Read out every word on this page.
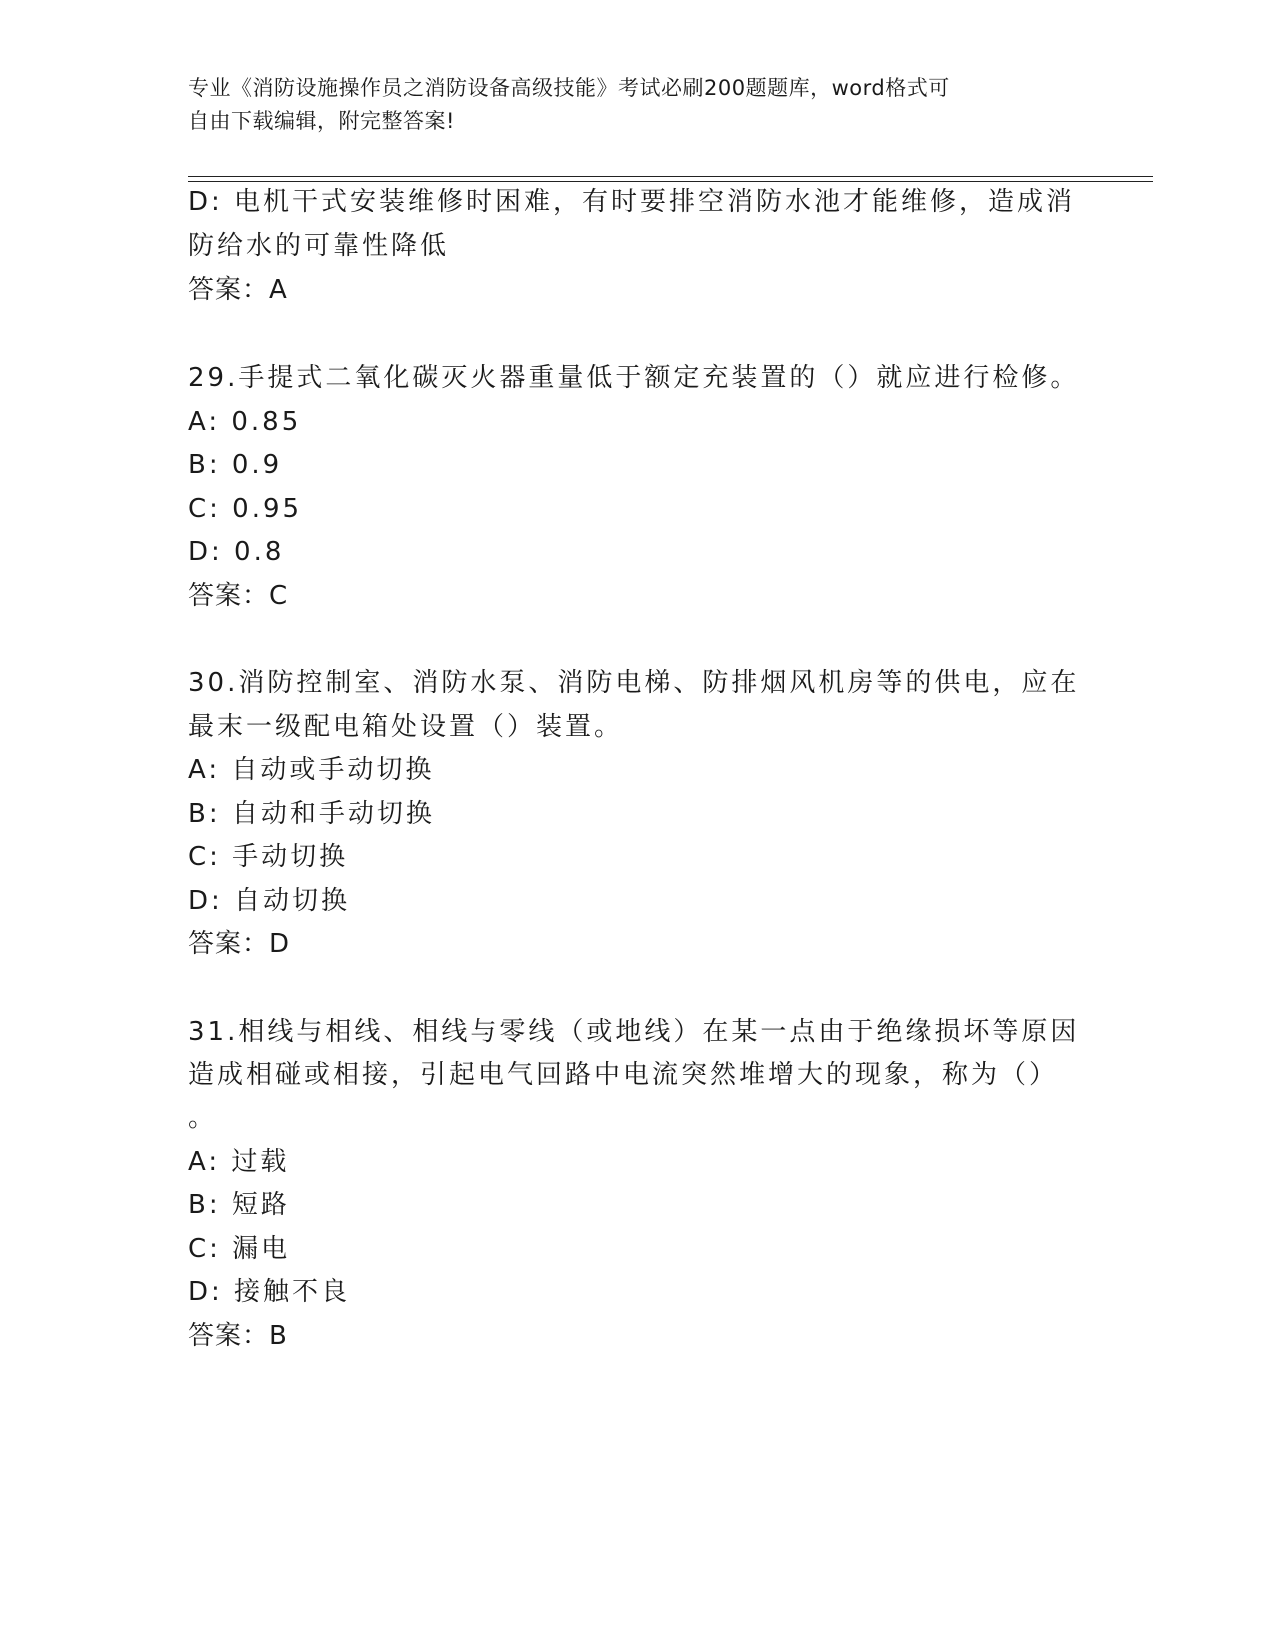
专业《消防设施操作员之消防设备高级技能》考试必刷200题题库，word格式可
自由下载编辑，附完整答案!
D: 电机干式安装维修时困难，有时要排空消防水池才能维修，造成消
防给水的可靠性降低
答案：A
29.手提式二氧化碳灭火器重量低于额定充装置的（）就应进行检修。
A: 0.85
B: 0.9
C: 0.95
D: 0.8
答案：C
30.消防控制室、消防水泵、消防电梯、防排烟风机房等的供电，应在
最末一级配电箱处设置（）装置。
A: 自动或手动切换
B: 自动和手动切换
C: 手动切换
D: 自动切换
答案：D
31.相线与相线、相线与零线（或地线）在某一点由于绝缘损坏等原因
造成相碰或相接，引起电气回路中电流突然堆增大的现象，称为（）
。
A: 过载
B: 短路
C: 漏电
D: 接触不良
答案：B
